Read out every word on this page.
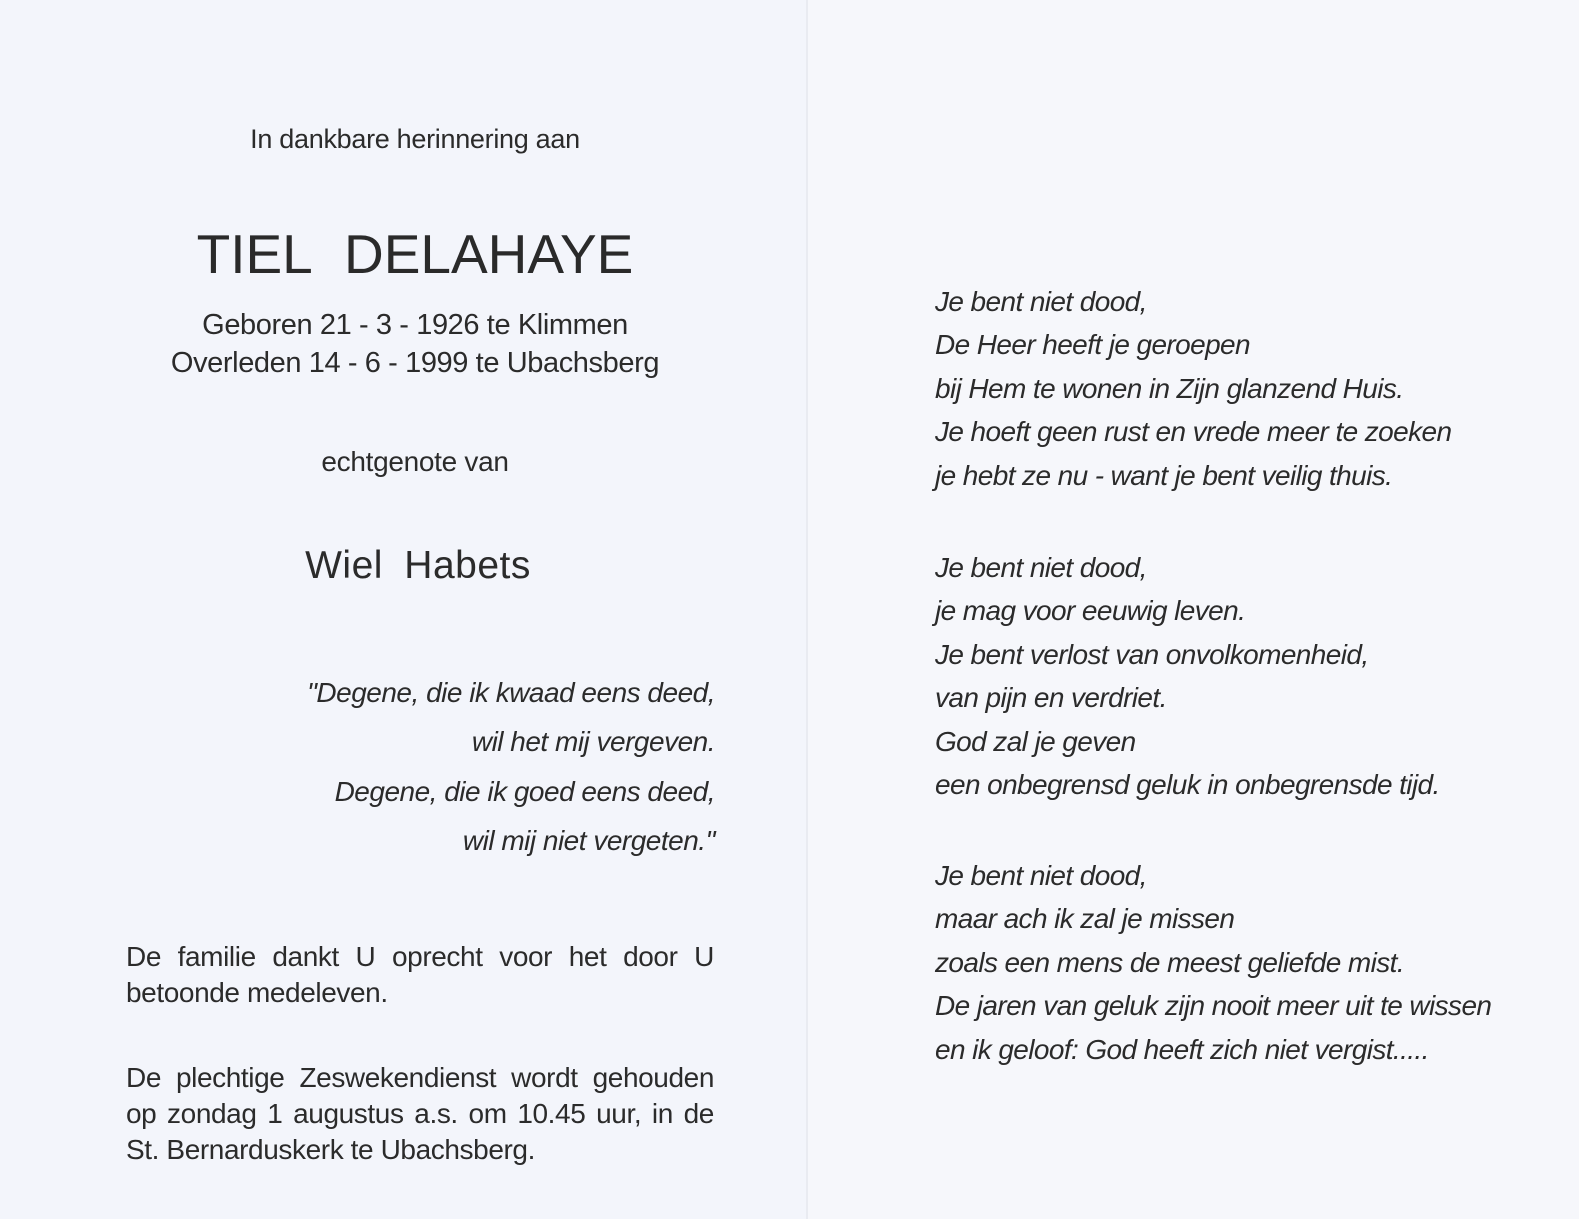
In dankbare herinnering aan
TIEL DELAHAYE
Geboren 21 - 3 - 1926 te Klimmen
Overleden 14 - 6 - 1999 te Ubachsberg
echtgenote van
Wiel Habets
"Degene, die ik kwaad eens deed,
wil het mij vergeven.
Degene, die ik goed eens deed,
wil mij niet vergeten."
De familie dankt U oprecht voor het door U betoonde medeleven.
De plechtige Zeswekendienst wordt gehouden op zondag 1 augustus a.s. om 10.45 uur, in de St. Bernarduskerk te Ubachsberg.
Je bent niet dood,
De Heer heeft je geroepen
bij Hem te wonen in Zijn glanzend Huis.
Je hoeft geen rust en vrede meer te zoeken
je hebt ze nu - want je bent veilig thuis.
Je bent niet dood,
je mag voor eeuwig leven.
Je bent verlost van onvolkomenheid,
van pijn en verdriet.
God zal je geven
een onbegrensd geluk in onbegrensde tijd.
Je bent niet dood,
maar ach ik zal je missen
zoals een mens de meest geliefde mist.
De jaren van geluk zijn nooit meer uit te wissen
en ik geloof: God heeft zich niet vergist.....
